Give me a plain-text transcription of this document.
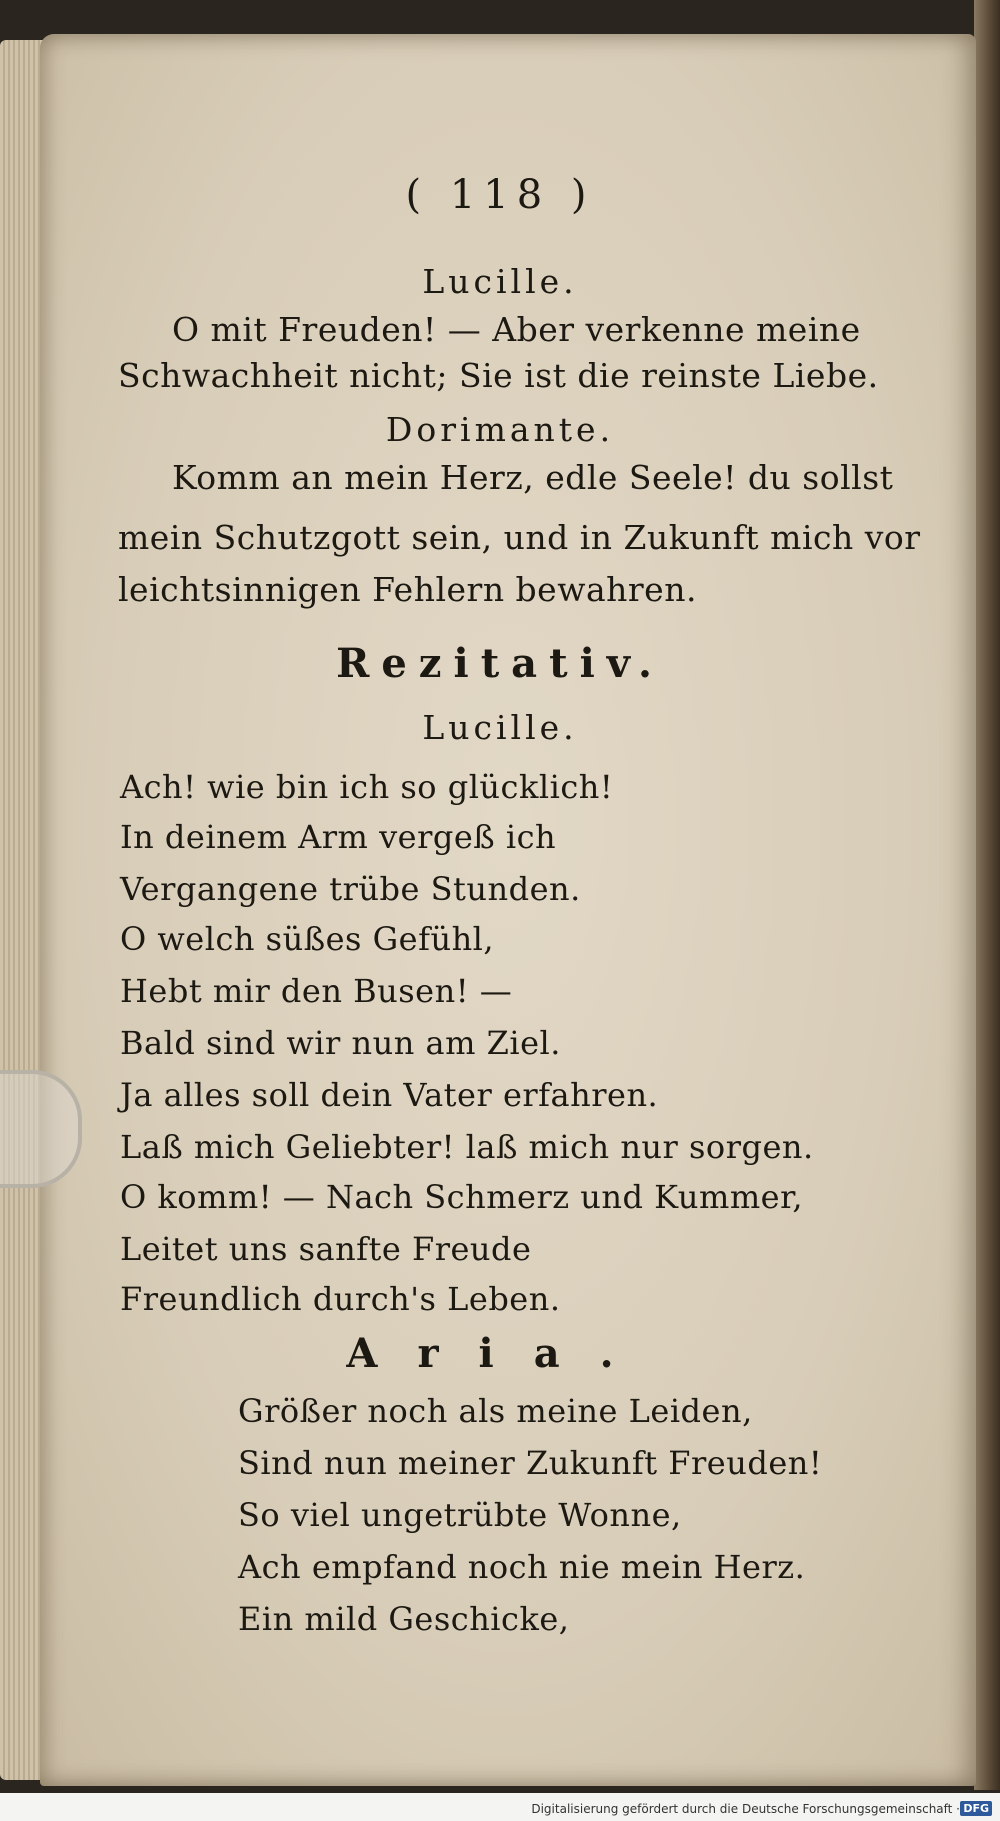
( 118 )
Lucille.
O mit Freuden! — Aber verkenne meine
Schwachheit nicht; Sie ist die reinste Liebe.
Dorimante.
Komm an mein Herz, edle Seele! du sollst
mein Schutzgott sein, und in Zukunft mich vor
leichtsinnigen Fehlern bewahren.
Rezitativ.
Lucille.
Ach! wie bin ich so glücklich!
In deinem Arm vergeß ich
Vergangene trübe Stunden.
O welch süßes Gefühl,
Hebt mir den Busen! —
Bald sind wir nun am Ziel.
Ja alles soll dein Vater erfahren.
Laß mich Geliebter! laß mich nur sorgen.
O komm! — Nach Schmerz und Kummer,
Leitet uns sanfte Freude
Freundlich durch's Leben.
Aria.
Größer noch als meine Leiden,
Sind nun meiner Zukunft Freuden!
So viel ungetrübte Wonne,
Ach empfand noch nie mein Herz.
Ein mild Geschicke,
Digitalisierung gefördert durch die Deutsche Forschungsgemeinschaft · DFG
